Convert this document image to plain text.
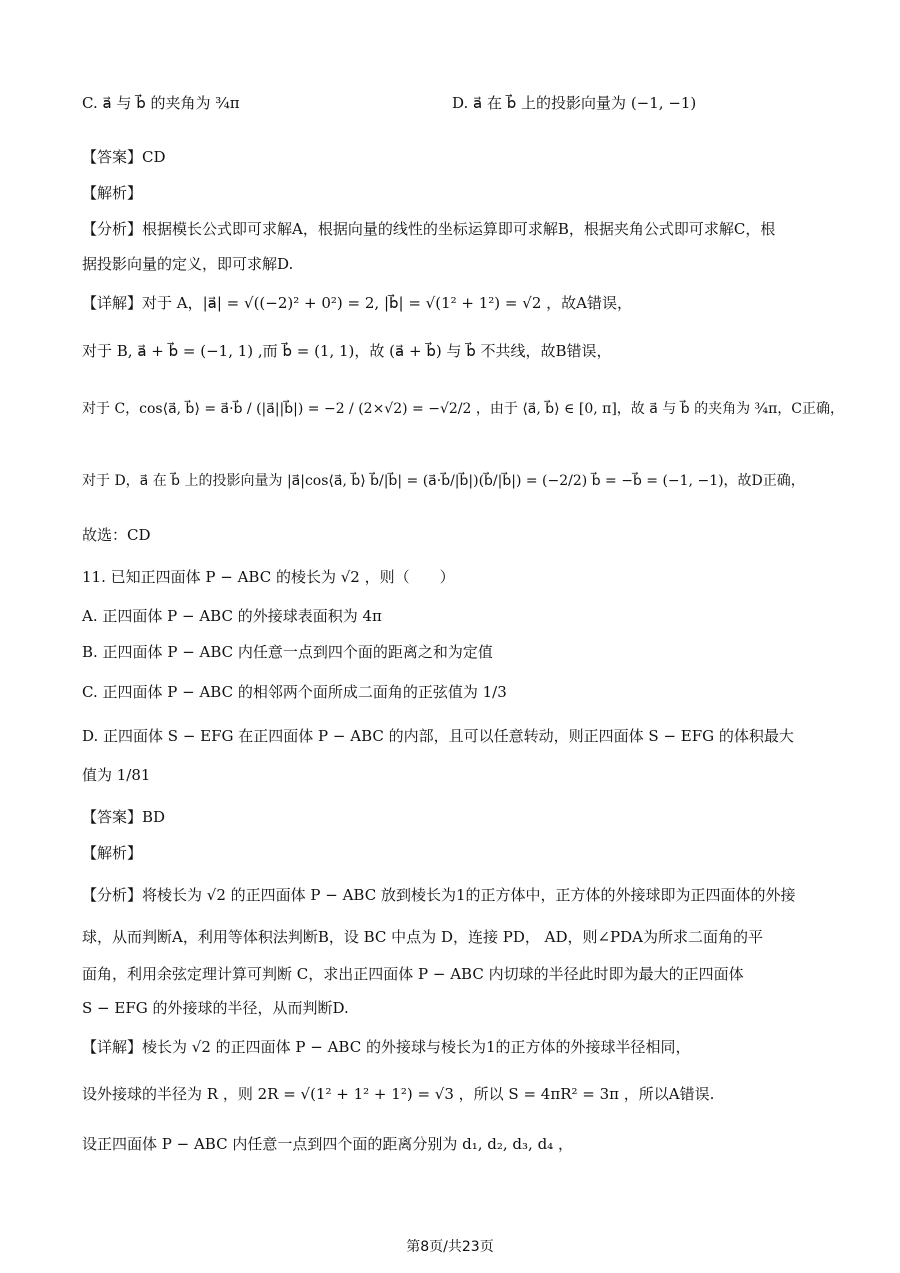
C. a⃗ 与 b⃗ 的夹角为 ¾π	D. a⃗ 在 b⃗ 上的投影向量为 (−1, −1)
【答案】CD
【解析】
【分析】根据模长公式即可求解A，根据向量的线性的坐标运算即可求解B，根据夹角公式即可求解C，根
据投影向量的定义，即可求解D.
【详解】对于 A，|a⃗| = √((−2)² + 0²) = 2, |b⃗| = √(1² + 1²) = √2 ，故A错误，
对于 B, a⃗ + b⃗ = (−1, 1) ,而 b⃗ = (1, 1)，故 (a⃗ + b⃗) 与 b⃗ 不共线，故B错误，
对于 C，cos⟨a⃗, b⃗⟩ = a⃗·b⃗ / (|a⃗||b⃗|) = −2 / (2×√2) = −√2/2 ，由于 ⟨a⃗, b⃗⟩ ∈ [0, π]，故 a⃗ 与 b⃗ 的夹角为 ¾π，C正确，
对于 D，a⃗ 在 b⃗ 上的投影向量为 |a⃗|cos⟨a⃗, b⃗⟩ b⃗/|b⃗| = (a⃗·b⃗/|b⃗|)(b⃗/|b⃗|) = (−2/2) b⃗ = −b⃗ = (−1, −1)，故D正确，
故选：CD
11. 已知正四面体 P − ABC 的棱长为 √2 ，则（　　）
A. 正四面体 P − ABC 的外接球表面积为 4π
B. 正四面体 P − ABC 内任意一点到四个面的距离之和为定值
C. 正四面体 P − ABC 的相邻两个面所成二面角的正弦值为 1/3
D. 正四面体 S − EFG 在正四面体 P − ABC 的内部，且可以任意转动，则正四面体 S − EFG 的体积最大
值为 1/81
【答案】BD
【解析】
【分析】将棱长为 √2 的正四面体 P − ABC 放到棱长为1的正方体中，正方体的外接球即为正四面体的外接
球，从而判断A，利用等体积法判断B，设 BC 中点为 D，连接 PD， AD，则∠PDA为所求二面角的平
面角，利用余弦定理计算可判断 C，求出正四面体 P − ABC 内切球的半径此时即为最大的正四面体
S − EFG 的外接球的半径，从而判断D.
【详解】棱长为 √2 的正四面体 P − ABC 的外接球与棱长为1的正方体的外接球半径相同，
设外接球的半径为 R ，则 2R = √(1² + 1² + 1²) = √3 ，所以 S = 4πR² = 3π ，所以A错误.
设正四面体 P − ABC 内任意一点到四个面的距离分别为 d₁, d₂, d₃, d₄ ，
第8页/共23页
